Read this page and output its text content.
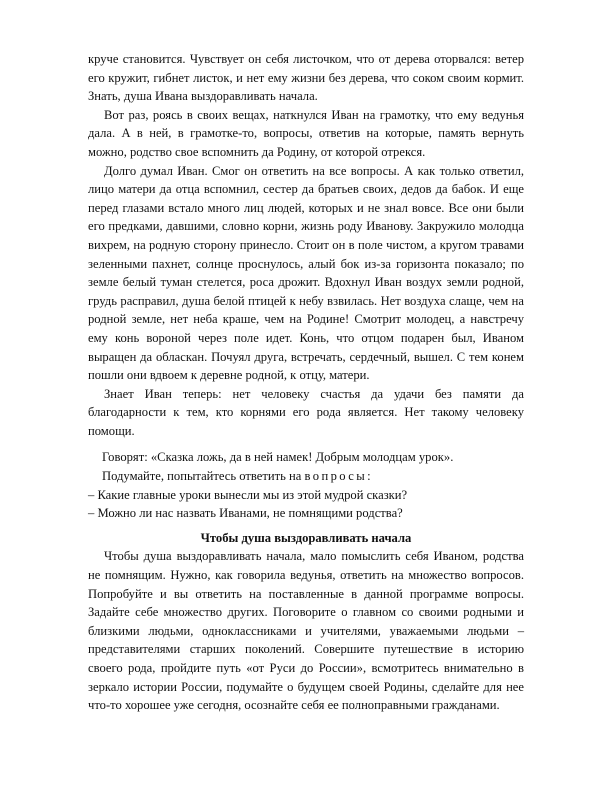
круче становится. Чувствует он себя листочком, что от дерева оторвался: ветер его кружит, гибнет листок, и нет ему жизни без дерева, что соком своим кормит. Знать, душа Ивана выздоравливать начала.

Вот раз, роясь в своих вещах, наткнулся Иван на грамотку, что ему ведунья дала. А в ней, в грамотке-то, вопросы, ответив на которые, память вернуть можно, родство свое вспомнить да Родину, от которой отрекся.

Долго думал Иван. Смог он ответить на все вопросы. А как только ответил, лицо матери да отца вспомнил, сестер да братьев своих, дедов да бабок. И еще перед глазами встало много лиц людей, которых и не знал вовсе. Все они были его предками, давшими, словно корни, жизнь роду Иванову. Закружило молодца вихрем, на родную сторону принесло. Стоит он в поле чистом, а кругом травами зеленными пахнет, солнце проснулось, алый бок из-за горизонта показало; по земле белый туман стелется, роса дрожит. Вдохнул Иван воздух земли родной, грудь расправил, душа белой птицей к небу взвилась. Нет воздуха слаще, чем на родной земле, нет неба краше, чем на Родине! Смотрит молодец, а навстречу ему конь вороной через поле идет. Конь, что отцом подарен был, Иваном выращен да обласкан. Почуял друга, встречать, сердечный, вышел. С тем конем пошли они вдвоем к деревне родной, к отцу, матери.

Знает Иван теперь: нет человеку счастья да удачи без памяти да благодарности к тем, кто корнями его рода является. Нет такому человеку помощи.

Говорят: «Сказка ложь, да в ней намек! Добрым молодцам урок».

Подумайте, попытайтесь ответить на вопросы:

– Какие главные уроки вынесли мы из этой мудрой сказки?

– Можно ли нас назвать Иванами, не помнящими родства?

Чтобы душа выздоравливать начала

Чтобы душа выздоравливать начала, мало помыслить себя Иваном, родства не помнящим. Нужно, как говорила ведунья, ответить на множество вопросов. Попробуйте и вы ответить на поставленные в данной программе вопросы. Задайте себе множество других. Поговорите о главном со своими родными и близкими людьми, одноклассниками и учителями, уважаемыми людьми – представителями старших поколений. Совершите путешествие в историю своего рода, пройдите путь «от Руси до России», всмотритесь внимательно в зеркало истории России, подумайте о будущем своей Родины, сделайте для нее что-то хорошее уже сегодня, осознайте себя ее полноправными гражданами.
